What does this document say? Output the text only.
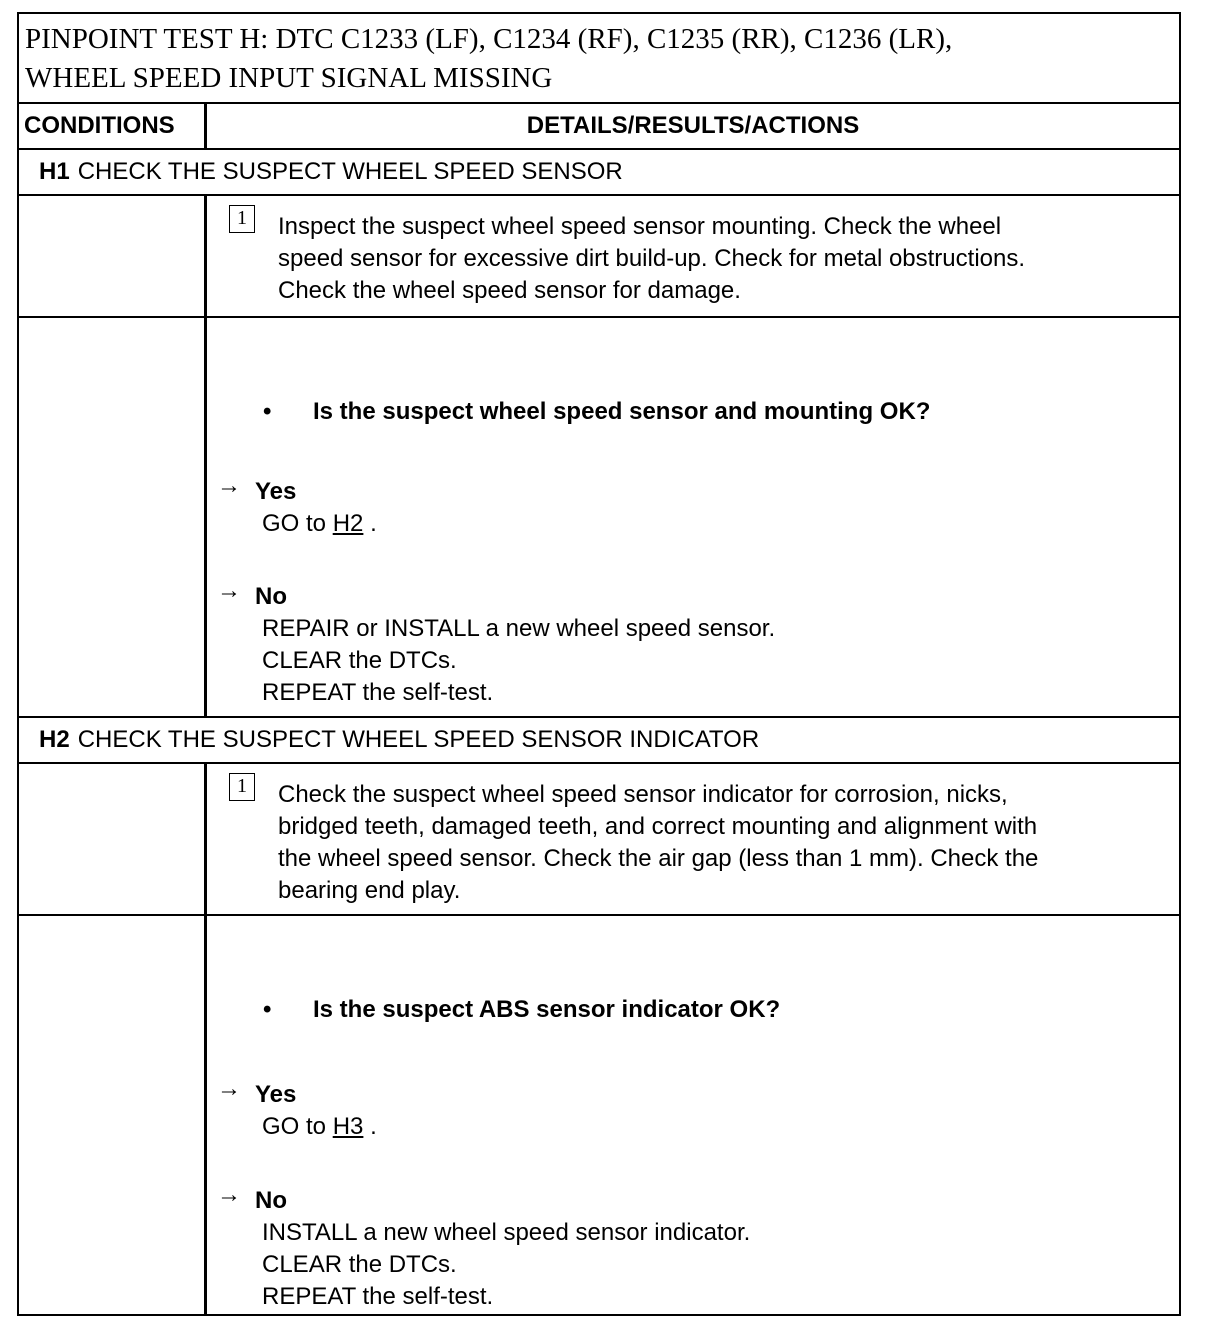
PINPOINT TEST H: DTC C1233 (LF), C1234 (RF), C1235 (RR), C1236 (LR),
WHEEL SPEED INPUT SIGNAL MISSING
CONDITIONS	DETAILS/RESULTS/ACTIONS
H1 CHECK THE SUSPECT WHEEL SPEED SENSOR
1	Inspect the suspect wheel speed sensor mounting. Check the wheel
speed sensor for excessive dirt build-up. Check for metal obstructions.
Check the wheel speed sensor for damage.
• Is the suspect wheel speed sensor and mounting OK?
→ Yes
GO to H2 .
→ No
REPAIR or INSTALL a new wheel speed sensor.
CLEAR the DTCs.
REPEAT the self-test.
H2 CHECK THE SUSPECT WHEEL SPEED SENSOR INDICATOR
1	Check the suspect wheel speed sensor indicator for corrosion, nicks,
bridged teeth, damaged teeth, and correct mounting and alignment with
the wheel speed sensor. Check the air gap (less than 1 mm). Check the
bearing end play.
• Is the suspect ABS sensor indicator OK?
→ Yes
GO to H3 .
→ No
INSTALL a new wheel speed sensor indicator.
CLEAR the DTCs.
REPEAT the self-test.
